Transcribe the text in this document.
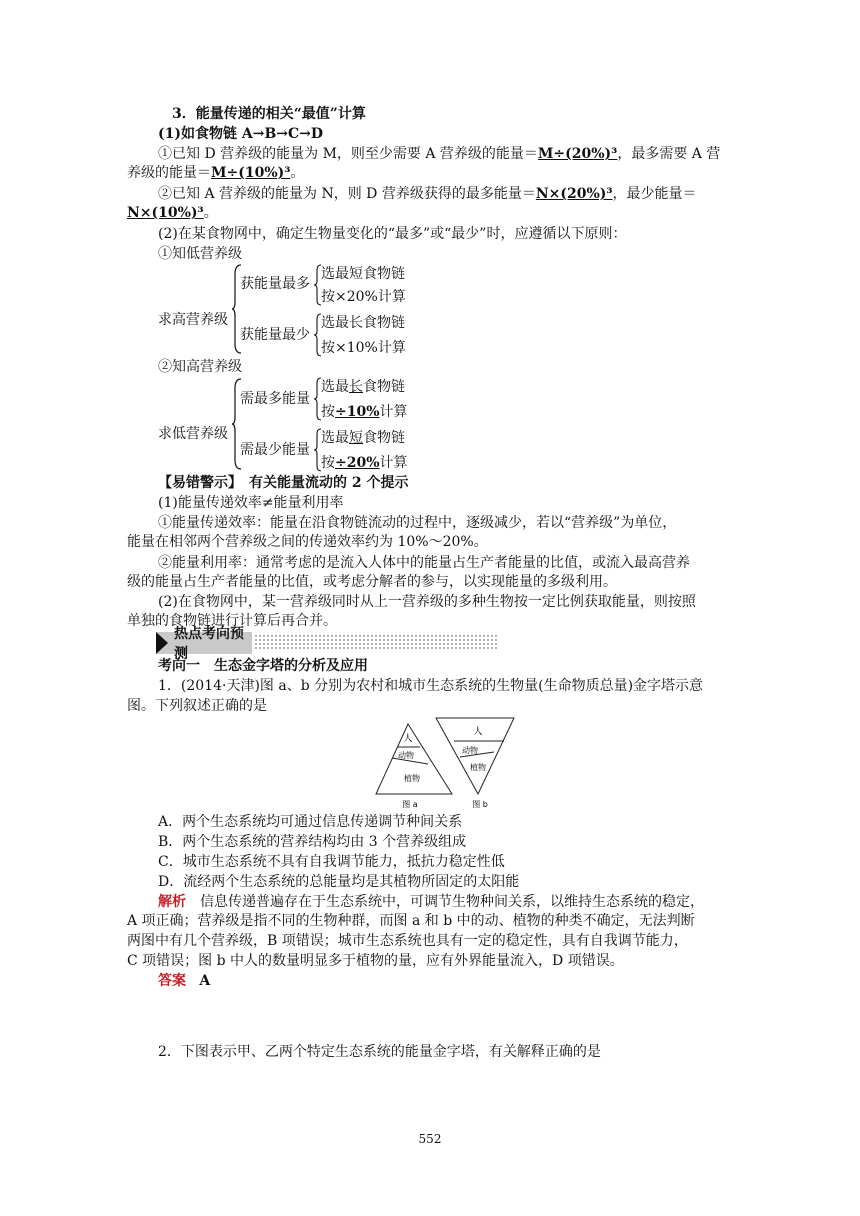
3．能量传递的相关“最值”计算
(1)如食物链 A→B→C→D
①已知 D 营养级的能量为 M，则至少需要 A 营养级的能量＝M÷(20%)³，最多需要 A 营
养级的能量＝M÷(10%)³。
②已知 A 营养级的能量为 N，则 D 营养级获得的最多能量＝N×(20%)³，最少能量＝
N×(10%)³。
(2)在某食物网中，确定生物量变化的“最多”或“最少”时，应遵循以下原则：
①知低营养级
求高营养级
获能量最多
选最短食物链
按×20%计算
获能量最少
选最长食物链
按×10%计算
②知高营养级
求低营养级
需最多能量
选最长食物链
按÷10%计算
需最少能量
选最短食物链
按÷20%计算
【易错警示】　有关能量流动的 2 个提示
(1)能量传递效率≠能量利用率
①能量传递效率：能量在沿食物链流动的过程中，逐级减少，若以“营养级”为单位，
能量在相邻两个营养级之间的传递效率约为 10%～20%。
②能量利用率：通常考虑的是流入人体中的能量占生产者能量的比值，或流入最高营养
级的能量占生产者能量的比值，或考虑分解者的参与，以实现能量的多级利用。
(2)在食物网中，某一营养级同时从上一营养级的多种生物按一定比例获取能量，则按照
单独的食物链进行计算后再合并。
热点考向预测
考向一　生态金字塔的分析及应用
1．(2014·天津)图 a、b 分别为农村和城市生态系统的生物量(生命物质总量)金字塔示意
图。下列叙述正确的是
人
动物
植物
图 a
人
动物
植物
图 b
A．两个生态系统均可通过信息传递调节种间关系
B．两个生态系统的营养结构均由 3 个营养级组成
C．城市生态系统不具有自我调节能力，抵抗力稳定性低
D．流经两个生态系统的总能量均是其植物所固定的太阳能
解析　信息传递普遍存在于生态系统中，可调节生物种间关系，以维持生态系统的稳定，
A 项正确；营养级是指不同的生物种群，而图 a 和 b 中的动、植物的种类不确定，无法判断
两图中有几个营养级，B 项错误；城市生态系统也具有一定的稳定性，具有自我调节能力，
C 项错误；图 b 中人的数量明显多于植物的量，应有外界能量流入，D 项错误。
答案 A
2．下图表示甲、乙两个特定生态系统的能量金字塔，有关解释正确的是
552
